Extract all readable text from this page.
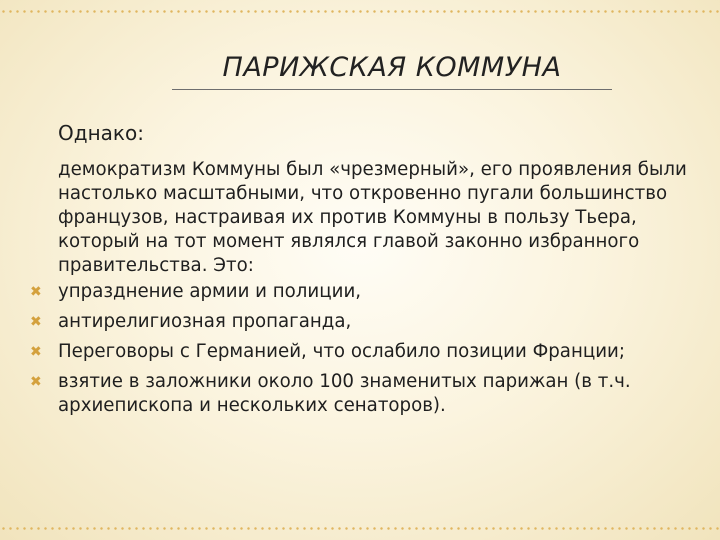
ПАРИЖСКАЯ КОММУНА
Однако:
демократизм Коммуны был «чрезмерный», его проявления были настолько масштабными, что откровенно пугали большинство французов, настраивая их против Коммуны в пользу Тьера, который на тот момент являлся главой законно избранного правительства. Это:
✖ упразднение армии и полиции,
✖ антирелигиозная пропаганда,
✖ Переговоры с Германией, что ослабило позиции Франции;
✖ взятие в заложники около 100 знаменитых парижан (в т.ч. архиепископа и нескольких сенаторов).
